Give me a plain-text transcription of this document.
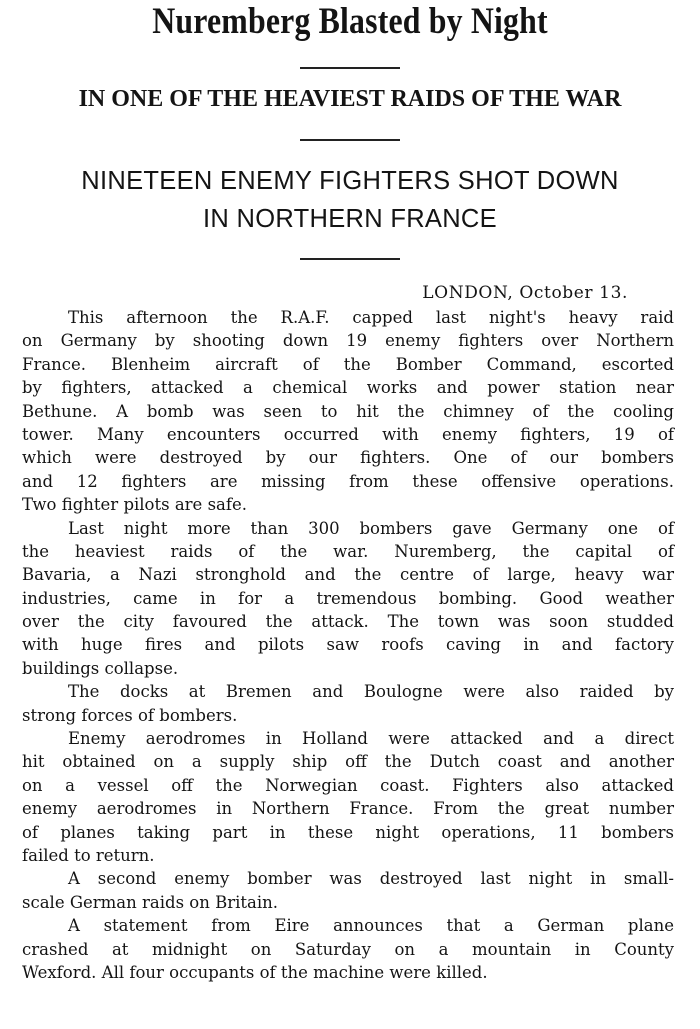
Nuremberg Blasted by Night
IN ONE OF THE HEAVIEST RAIDS OF THE WAR
NINETEEN ENEMY FIGHTERS SHOT DOWN
IN NORTHERN FRANCE
LONDON, October 13.
This afternoon the R.A.F. capped last night's heavy raid
on Germany by shooting down 19 enemy fighters over Northern
France. Blenheim aircraft of the Bomber Command, escorted
by fighters, attacked a chemical works and power station near
Bethune. A bomb was seen to hit the chimney of the cooling
tower. Many encounters occurred with enemy fighters, 19 of
which were destroyed by our fighters. One of our bombers
and 12 fighters are missing from these offensive operations.
Two fighter pilots are safe.
Last night more than 300 bombers gave Germany one of
the heaviest raids of the war. Nuremberg, the capital of
Bavaria, a Nazi stronghold and the centre of large, heavy war
industries, came in for a tremendous bombing. Good weather
over the city favoured the attack. The town was soon studded
with huge fires and pilots saw roofs caving in and factory
buildings collapse.
The docks at Bremen and Boulogne were also raided by
strong forces of bombers.
Enemy aerodromes in Holland were attacked and a direct
hit obtained on a supply ship off the Dutch coast and another
on a vessel off the Norwegian coast. Fighters also attacked
enemy aerodromes in Northern France. From the great number
of planes taking part in these night operations, 11 bombers
failed to return.
A second enemy bomber was destroyed last night in small-
scale German raids on Britain.
A statement from Eire announces that a German plane
crashed at midnight on Saturday on a mountain in County
Wexford. All four occupants of the machine were killed.
